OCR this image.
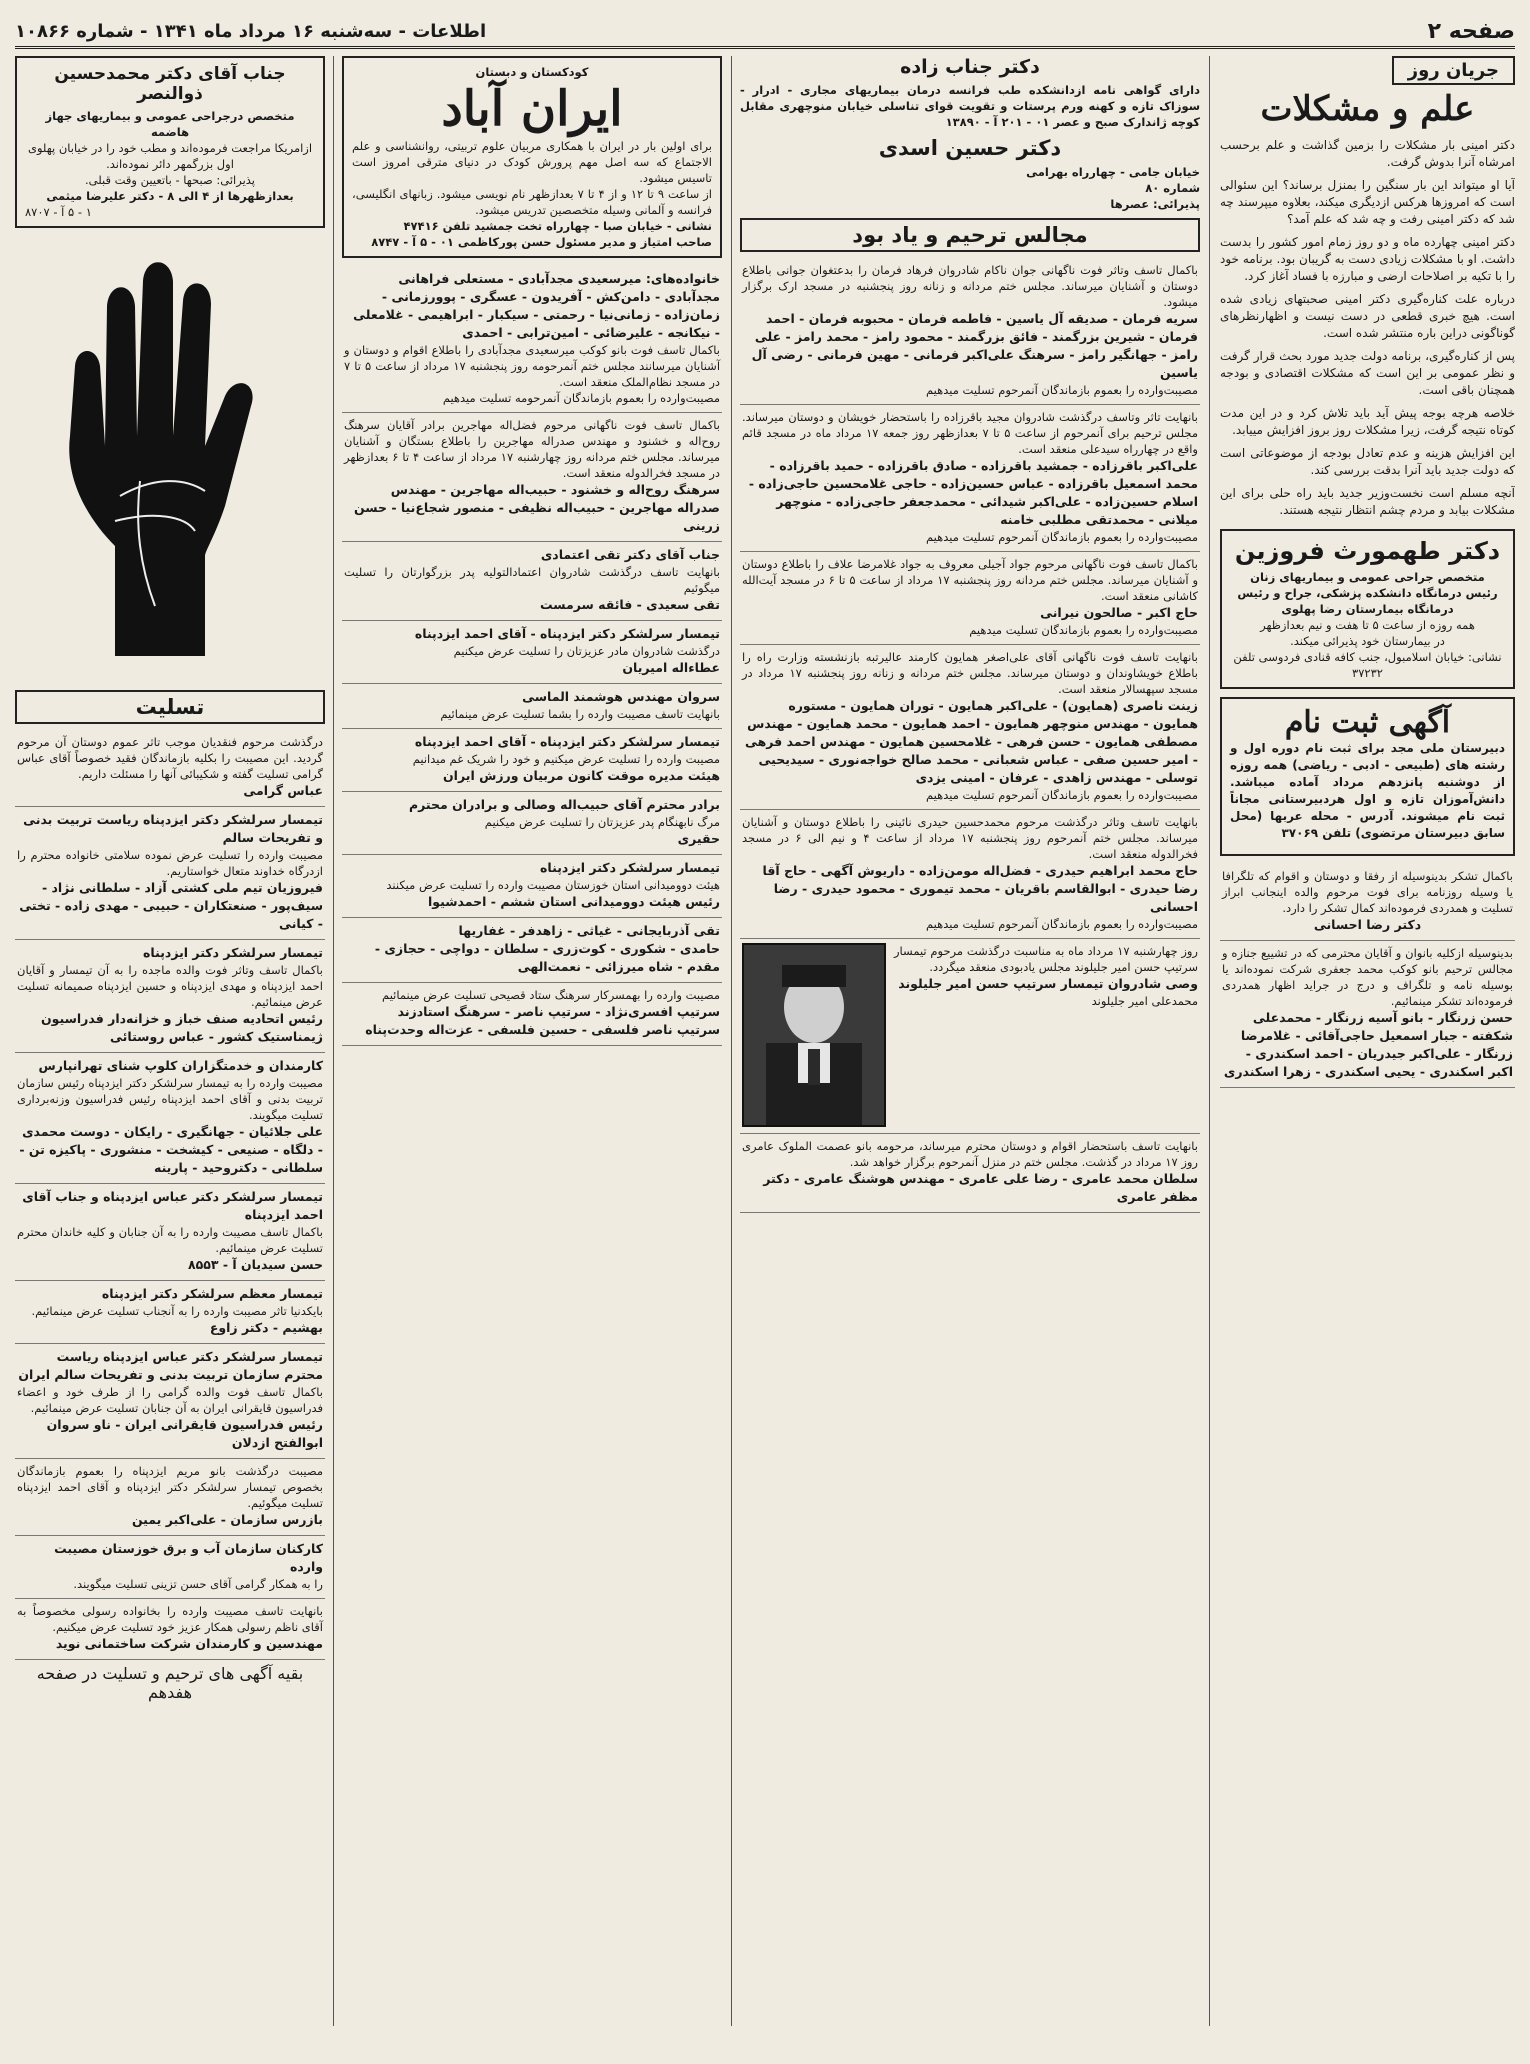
صفحه ۲
اطلاعات - سه‌شنبه ۱۶ مرداد ماه ۱۳۴۱ - شماره ۱۰۸۶۶
جریان روز
علم و مشکلات

دکتر امینی بار مشکلات را بزمین گذاشت و علم برحسب امرشاه آنرا بدوش گرفت.

آیا او میتواند این بار سنگین را بمنزل برساند؟ این سئوالی است که امروزها هرکس ازدیگری میکند، بعلاوه میپرسند چه شد که دکتر امینی رفت و چه شد که علم آمد؟

دکتر امینی چهارده ماه و دو روز زمام امور کشور را بدست داشت. او با مشکلات زیادی دست به گریبان بود. برنامه خود را با تکیه بر اصلاحات ارضی و مبارزه با فساد آغاز کرد.

درباره علت کناره‌گیری دکتر امینی صحبتهای زیادی شده است. هیچ خبری قطعی در دست نیست و اظهارنظرهای گوناگونی دراین باره منتشر شده است.

پس از کناره‌گیری، برنامه دولت جدید مورد بحث قرار گرفت و نظر عمومی بر این است که مشکلات اقتصادی و بودجه همچنان باقی است.

خلاصه هرچه بوجه پیش آید باید تلاش کرد و در این مدت کوتاه نتیجه گرفت، زیرا مشکلات روز بروز افزایش مییابد.

این افزایش هزینه و عدم تعادل بودجه از موضوعاتی است که دولت جدید باید آنرا بدقت بررسی کند.

آنچه مسلم است نخست‌وزیر جدید باید راه حلی برای این مشکلات بیابد و مردم چشم انتظار نتیجه هستند.

دکتر طهمورث فروزین
متخصص جراحی عمومی و بیماریهای زنان
رئیس درمانگاه دانشکده پزشکی، جراح و رئیس
درمانگاه بیمارستان رضا پهلوی
همه روزه از ساعت ۵ تا هفت و نیم بعدازظهر
در بیمارستان خود پذیرائی میکند.
نشانی: خیابان اسلامبول، جنب کافه قنادی فردوسی تلفن ۳۷۲۳۲
آگهی ثبت نام

دبیرستان ملی مجد برای ثبت نام دوره اول و رشته های (طبیعی - ادبی - ریاضی) همه روزه از دوشنبه پانزدهم مرداد آماده میباشد. دانش‌آموزان تازه و اول هردبیرستانی مجاناً ثبت نام میشوند. آدرس - محله عربها (محل سابق دبیرستان مرتضوی) تلفن ۳۷۰۶۹

باکمال تشکر بدینوسیله از رفقا و دوستان و اقوام که تلگرافا یا وسیله روزنامه برای فوت مرحوم والده اینجانب ابراز تسلیت و همدردی فرموده‌اند کمال تشکر را دارد.
دکتر رضا احسانی
بدینوسیله ازکلیه بانوان و آقایان محترمی که در تشییع جنازه و مجالس ترحیم بانو کوکب محمد جعفری شرکت نموده‌اند یا بوسیله نامه و تلگراف و درج در جراید اظهار همدردی فرموده‌اند تشکر مینمائیم.
حسن زرنگار - بانو آسیه زرنگار - محمدعلی شکفته - جبار اسمعیل حاجی‌آقائی - غلامرضا زرنگار - علی‌اکبر جیدریان - احمد اسکندری - اکبر اسکندری - یحیی اسکندری - زهرا اسکندری
دکتر جناب زاده
دارای گواهی نامه ازدانشکده طب فرانسه درمان بیماریهای مجاری - ادرار - سوزاک تازه و کهنه ورم پرستات و تقویت قوای تناسلی خیابان منوچهری مقابل کوچه ژاندارک صبح و عصر ۰۱ - ۲۰۱ آ - ۱۳۸۹۰
دکتر حسین اسدی
خیابان جامی - چهارراه بهرامی
شماره ۸۰
پذیرائی: عصرها
مجالس ترحیم و یاد بود
باکمال تاسف وتاثر فوت ناگهانی جوان ناکام شادروان فرهاد فرمان را بدعتغوان جوانی باطلاع دوستان و آشنایان میرساند. مجلس ختم مردانه و زنانه روز پنجشنبه در مسجد ارک برگزار میشود.
سریه فرمان - صدیقه آل یاسین - فاطمه فرمان - محبوبه فرمان - احمد فرمان - شیرین بزرگمند - فائق بزرگمند - محمود رامز - محمد رامز - علی رامز - جهانگیر رامز - سرهنگ علی‌اکبر فرمانی - مهین فرمانی - رضی آل یاسین
مصیبت‌وارده را بعموم بازماندگان آنمرحوم تسلیت میدهیم
بانهایت تاثر وتاسف درگذشت شادروان مجید باقرزاده را باستحضار خویشان و دوستان میرساند. مجلس ترحیم برای آنمرحوم از ساعت ۵ تا ۷ بعدازظهر روز جمعه ۱۷ مرداد ماه در مسجد قائم واقع در چهارراه سیدعلی منعقد است.
علی‌اکبر باقرزاده - جمشید باقرزاده - صادق باقرزاده - حمید باقرزاده - محمد اسمعیل باقرزاده - عباس حسین‌زاده - حاجی غلامحسین حاجی‌زاده - اسلام حسین‌زاده - علی‌اکبر شیدائی - محمدجعفر حاجی‌زاده - منوچهر میلانی - محمدتقی مطلبی خامنه
مصیبت‌وارده را بعموم بازماندگان آنمرحوم تسلیت میدهیم
باکمال تاسف فوت ناگهانی مرحوم جواد آجیلی معروف به جواد غلامرضا علاف را باطلاع دوستان و آشنایان میرساند. مجلس ختم مردانه روز پنجشنبه ۱۷ مرداد از ساعت ۵ تا ۶ در مسجد آیت‌الله کاشانی منعقد است.
حاج اکبر - صالحون نیرانی
مصیبت‌وارده را بعموم بازماندگان تسلیت میدهیم
بانهایت تاسف فوت ناگهانی آقای علی‌اصغر همایون کارمند عالیرتبه بازنشسته وزارت راه را باطلاع خویشاوندان و دوستان میرساند. مجلس ختم مردانه و زنانه روز پنجشنبه ۱۷ مرداد در مسجد سپهسالار منعقد است.
زینت ناصری (همایون) - علی‌اکبر همایون - توران همایون - مستوره همایون - مهندس منوچهر همایون - احمد همایون - محمد همایون - مهندس مصطفی همایون - حسن فرهی - غلامحسین همایون - مهندس احمد فرهی - امیر حسین صفی - عباس شعبانی - محمد صالح خواجه‌نوری - سیدیحیی توسلی - مهندس زاهدی - عرفان - امینی یزدی
مصیبت‌وارده را بعموم بازماندگان آنمرحوم تسلیت میدهیم
بانهایت تاسف وتاثر درگذشت مرحوم محمدحسین حیدری نائینی را باطلاع دوستان و آشنایان میرساند. مجلس ختم آنمرحوم روز پنجشنبه ۱۷ مرداد از ساعت ۴ و نیم الی ۶ در مسجد فخرالدوله منعقد است.
حاج محمد ابراهیم حیدری - فضل‌اله مومن‌زاده - داریوش آگهی - حاج آقا رضا حیدری - ابوالقاسم باقریان - محمد تیموری - محمود حیدری - رضا احسانی
مصیبت‌وارده را بعموم بازماندگان آنمرحوم تسلیت میدهیم
روز چهارشنبه ۱۷ مرداد ماه به مناسبت درگذشت مرحوم تیمسار سرتیپ حسن امیر جلیلوند مجلس یادبودی منعقد میگردد.
وصی شادروان تیمسار سرتیپ حسن امیر جلیلوند
محمدعلی امیر جلیلوند
بانهایت تاسف باستحضار اقوام و دوستان محترم میرساند، مرحومه بانو عصمت الملوک عامری روز ۱۷ مرداد در گذشت. مجلس ختم در منزل آنمرحوم برگزار خواهد شد.
سلطان محمد عامری - رضا علی عامری - مهندس هوشنگ عامری - دکتر مظفر عامری
کودکستان و دبستان
ایران آباد
برای اولین بار در ایران با همکاری مربیان علوم تربیتی، روانشناسی و علم الاجتماع که سه اصل مهم پرورش کودک در دنیای مترقی امروز است تاسیس میشود.
از ساعت ۹ تا ۱۲ و از ۴ تا ۷ بعدازظهر نام نویسی میشود. زبانهای انگلیسی، فرانسه و آلمانی وسیله متخصصین تدریس میشود.
نشانی - خیابان صبا - چهارراه تخت جمشید تلفن ۴۷۴۱۶
صاحب امتیاز و مدیر مسئول حسن پورکاظمی ۰۱ - ۵ آ - ۸۷۴۷
خانواده‌های: میرسعیدی مجدآبادی - مستعلی فراهانی مجدآبادی - دامن‌کش - آفریدون - عسگری - پوورزمانی - زمان‌زاده - زمانی‌نیا - رحمتی - سیکبار - ابراهیمی - غلامعلی - نیکانجه - علیرضائی - امین‌ترابی - احمدی
باکمال تاسف فوت بانو کوکب میرسعیدی مجدآبادی را باطلاع اقوام و دوستان و آشنایان میرسانند مجلس ختم آنمرحومه روز پنجشنبه ۱۷ مرداد از ساعت ۵ تا ۷ در مسجد نظام‌الملک منعقد است.
مصیبت‌وارده را بعموم بازماندگان آنمرحومه تسلیت میدهیم
باکمال تاسف فوت ناگهانی مرحوم فضل‌اله مهاجرین برادر آقایان سرهنگ روح‌اله و خشنود و مهندس صدراله مهاجرین را باطلاع بستگان و آشنایان میرساند. مجلس ختم مردانه روز چهارشنبه ۱۷ مرداد از ساعت ۴ تا ۶ بعدازظهر در مسجد فخرالدوله منعقد است.
سرهنگ روح‌اله و خشنود - حبیب‌اله مهاجرین - مهندس صدراله مهاجرین - حبیب‌اله نظیفی - منصور شجاع‌نیا - حسن زرینی
جناب آقای دکتر تقی اعتمادی
بانهایت تاسف درگذشت شادروان اعتمادالتولیه پدر بزرگوارتان را تسلیت میگوئیم
تقی سعیدی - فائقه سرمست
تیمسار سرلشکر دکتر ایزدپناه - آقای احمد ایزدپناه
درگذشت شادروان مادر عزیزتان را تسلیت عرض میکنیم
عطاءاله امیریان
سروان مهندس هوشمند الماسی
بانهایت تاسف مصیبت وارده را بشما تسلیت عرض مینمائیم
تیمسار سرلشکر دکتر ایزدپناه - آقای احمد ایزدپناه
مصیبت وارده را تسلیت عرض میکنیم و خود را شریک غم میدانیم
هیئت مدیره موقت کانون مربیان ورزش ایران
برادر محترم آقای حبیب‌اله وصالی و برادران محترم
مرگ نابهنگام پدر عزیزتان را تسلیت عرض میکنیم
حقیری
تیمسار سرلشکر دکتر ایزدپناه
هیئت دوومیدانی استان خوزستان مصیبت وارده را تسلیت عرض میکنند
رئیس هیئت دوومیدانی استان ششم - احمدشیوا
تقی آذربایجانی - غیاثی - زاهدفر - غفاریها
حامدی - شکوری - کوت‌زری - سلطان - دواچی - حجازی - مقدم - شاه میرزائی - نعمت‌الهی
مصیبت وارده را بهمسرکار سرهنگ ستاد قصیحی تسلیت عرض مینمائیم
سرتیپ افسری‌نژاد - سرتیپ ناصر - سرهنگ استادزند
سرتیپ ناصر فلسفی - حسین فلسفی - عزت‌اله وحدت‌پناه
جناب آقای دکتر محمدحسین ذوالنصر
متخصص درجراحی عمومی و بیماریهای جهاز هاضمه
ازامریکا مراجعت فرموده‌اند و مطب خود را در خیابان پهلوی اول بزرگمهر دائر نموده‌اند.
پذیرائی: صبحها - باتعیین وقت قبلی.
بعدازظهرها از ۴ الی ۸ - دکتر علیرضا میثمی
۱ - ۵ آ - ۸۷۰۷
تسلیت
درگذشت مرحوم فنقدیان موجب تاثر عموم دوستان آن مرحوم گردید. این مصیبت را بکلیه بازماندگان فقید خصوصاً آقای عباس گرامی تسلیت گفته و شکیبائی آنها را مسئلت داریم.
عباس گرامی
تیمسار سرلشکر دکتر ایزدپناه ریاست تربیت بدنی و تفریحات سالم
مصیبت وارده را تسلیت عرض نموده سلامتی خانواده محترم را ازدرگاه خداوند متعال خواستاریم.
فیروزیان تیم ملی کشتی آزاد - سلطانی نژاد - سیف‌پور - صنعتکاران - حبیبی - مهدی زاده - تختی - کیانی
تیمسار سرلشکر دکتر ایزدپناه
باکمال تاسف وتاثر فوت والده ماجده را به آن تیمسار و آقایان احمد ایزدپناه و مهدی ایزدپناه و حسین ایزدپناه صمیمانه تسلیت عرض مینمائیم.
رئیس اتحادیه صنف خباز و خزانه‌دار فدراسیون ژیمناستیک کشور - عباس روستائی
کارمندان و خدمتگزاران کلوپ شنای تهرانپارس
مصیبت وارده را به تیمسار سرلشکر دکتر ایزدپناه رئیس سازمان تربیت بدنی و آقای احمد ایزدپناه رئیس فدراسیون وزنه‌برداری تسلیت میگویند.
علی جلائیان - جهانگیری - رایکان - دوست محمدی - دلگاه - صنیعی - کیشخت - منشوری - پاکیزه تن - سلطانی - دکتروحید - پارینه
تیمسار سرلشکر دکتر عباس ایزدپناه و جناب آقای احمد ایزدپناه
باکمال تاسف مصیبت وارده را به آن جنابان و کلیه خاندان محترم تسلیت عرض مینمائیم.
حسن سیدیان آ - ۸۵۵۳
تیمسار معظم سرلشکر دکتر ایزدپناه
بایکدنیا تاثر مصیبت وارده را به آنجناب تسلیت عرض مینمائیم.
بهشیم - دکتر زاوع
تیمسار سرلشکر دکتر عباس ایزدپناه ریاست محترم سازمان تربیت بدنی و تفریحات سالم ایران
باکمال تاسف فوت والده گرامی را از طرف خود و اعضاء فدراسیون قایقرانی ایران به آن جنابان تسلیت عرض مینمائیم.
رئیس فدراسیون قایقرانی ایران - ناو سروان ابوالفتح ازدلان
مصیبت درگذشت بانو مریم ایزدپناه را بعموم بازماندگان بخصوص تیمسار سرلشکر دکتر ایزدپناه و آقای احمد ایزدپناه تسلیت میگوئیم.
بازرس سازمان - علی‌اکبر یمین
کارکنان سازمان آب و برق خوزستان مصیبت وارده
را به همکار گرامی آقای حسن تزینی تسلیت میگویند.
بانهایت تاسف مصیبت وارده را بخانواده رسولی مخصوصاً به آقای ناظم رسولی همکار عزیز خود تسلیت عرض میکنیم.
مهندسین و کارمندان شرکت ساختمانی نوید
بقیه آگهی های ترحیم و تسلیت در صفحه هفدهم
